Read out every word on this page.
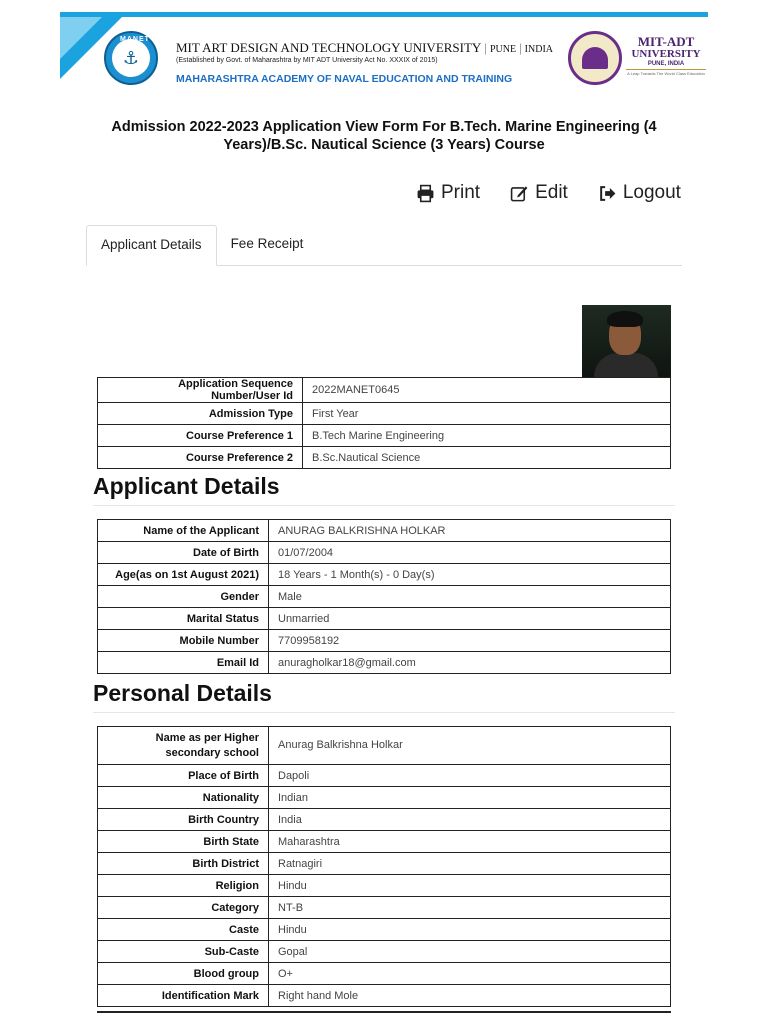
MANET
⚓	MIT ART DESIGN AND TECHNOLOGY UNIVERSITY | PUNE | INDIA
(Established by Govt. of Maharashtra by MIT ADT University Act No. XXXIX of 2015)
MAHARASHTRA ACADEMY OF NAVAL EDUCATION AND TRAINING
MIT-ADT
UNIVERSITY
PUNE, INDIA
A Leap Towards The World Class Education
Admission 2022-2023 Application View Form For B.Tech. Marine Engineering (4 Years)/B.Sc. Nautical Science (3 Years) Course
Print	Edit	Logout
Applicant Details	Fee Receipt
Application Sequence Number/User Id	2022MANET0645
Admission Type	First Year
Course Preference 1	B.Tech Marine Engineering
Course Preference 2	B.Sc.Nautical Science
Applicant Details
Name of the Applicant	ANURAG BALKRISHNA HOLKAR
Date of Birth	01/07/2004
Age(as on 1st August 2021)	18 Years - 1 Month(s) - 0 Day(s)
Gender	Male
Marital Status	Unmarried
Mobile Number	7709958192
Email Id	anuragholkar18@gmail.com
Personal Details
Name as per Higher secondary school	Anurag Balkrishna Holkar
Place of Birth	Dapoli
Nationality	Indian
Birth Country	India
Birth State	Maharashtra
Birth District	Ratnagiri
Religion	Hindu
Category	NT-B
Caste	Hindu
Sub-Caste	Gopal
Blood group	O+
Identification Mark	Right hand Mole
